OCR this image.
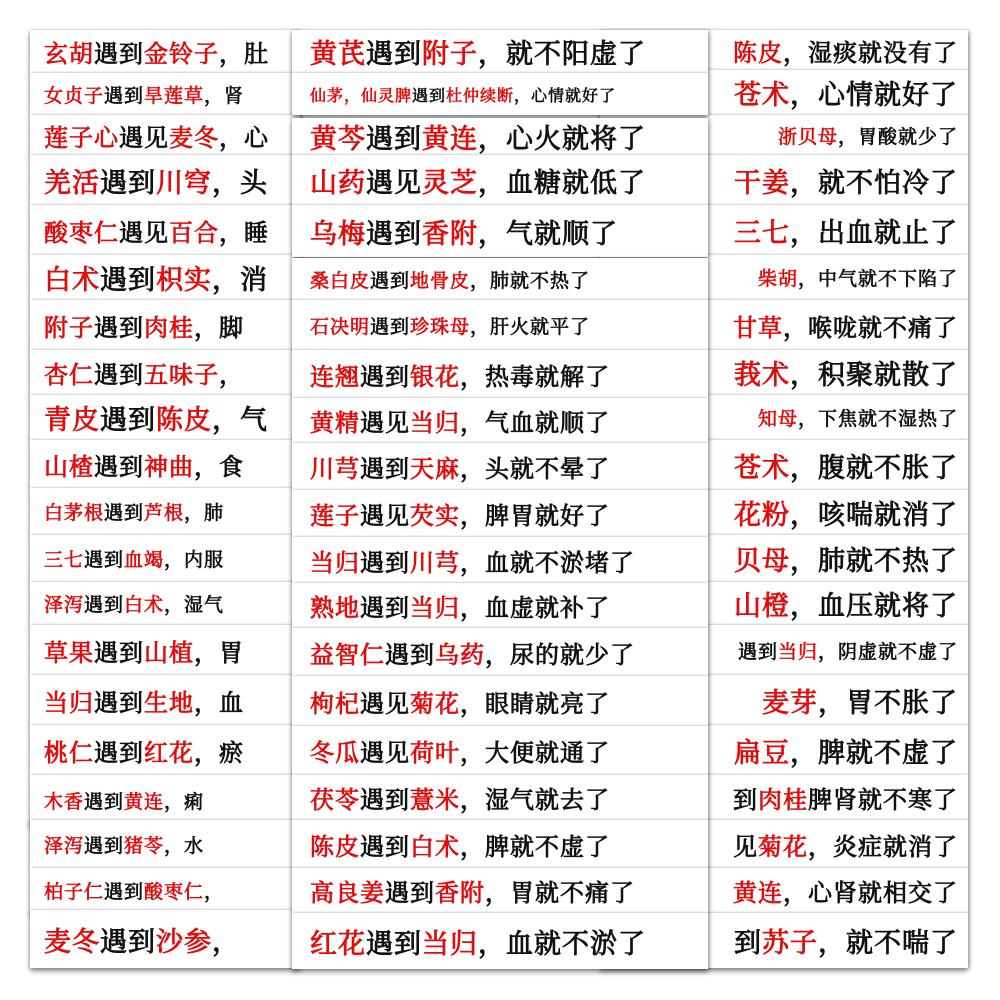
玄胡 遇到 金铃子 ，肚
女贞子 遇到 旱莲草 ，肾
莲子心 遇见 麦冬 ，心
羌活 遇到 川穹 ，头
酸枣仁 遇见 百合 ，睡
白术 遇到 枳实 ，消
附子 遇到 肉桂 ，脚
杏仁 遇到 五味子 ，
青皮 遇到 陈皮 ，气
山楂 遇到 神曲 ，食
白茅根 遇到 芦根 ，肺
三七 遇到 血竭 ，内服
泽泻 遇到 白术 ，湿气
草果 遇到 山植 ，胃
当归 遇到 生地 ，血
桃仁 遇到 红花 ，瘀
木香 遇到 黄连 ，痢
泽泻 遇到 猪苓 ，水
柏子仁 遇到 酸枣仁 ，
麦冬 遇到 沙参 ，
陈皮 ，湿痰就没有了
苍术 ，心情就好了
浙贝母 ，胃酸就少了
干姜 ，就不怕冷了
三七 ，出血就止了
柴胡 ，中气就不下陷了
甘草 ，喉咙就不痛了
莪术 ，积聚就散了
知母 ，下焦就不湿热了
苍术 ，腹就不胀了
花粉 ，咳喘就消了
贝母 ，肺就不热了
山橙 ，血压就将了
遇到 当归 ，阴虚就不虚了
麦芽 ，胃不胀了
扁豆 ，脾就不虚了
到 肉桂 脾肾就不寒了
见 菊花 ，炎症就消了
黄连 ，心肾就相交了
到 苏子 ，就不喘了
黄芪 遇到 附子 ，就不阳虚了
仙茅，仙灵脾 遇到 杜仲续断 ，心情就好了
黄芩 遇到 黄连 ，心火就将了
山药 遇见 灵芝 ，血糖就低了
乌梅 遇到 香附 ，气就顺了
桑白皮 遇到 地骨皮 ，肺就不热了
石决明 遇到 珍珠母 ，肝火就平了
连翘 遇到 银花 ，热毒就解了
黄精 遇见 当归 ，气血就顺了
川芎 遇到 天麻 ，头就不晕了
莲子 遇见 芡实 ，脾胃就好了
当归 遇到 川芎 ，血就不淤堵了
熟地 遇到 当归 ，血虚就补了
益智仁 遇到 乌药 ，尿的就少了
枸杞 遇见 菊花 ，眼睛就亮了
冬瓜 遇见 荷叶 ，大便就通了
茯苓 遇到 薏米 ，湿气就去了
陈皮 遇到 白术 ，脾就不虚了
高良姜 遇到 香附 ，胃就不痛了
红花 遇到 当归 ，血就不淤了
